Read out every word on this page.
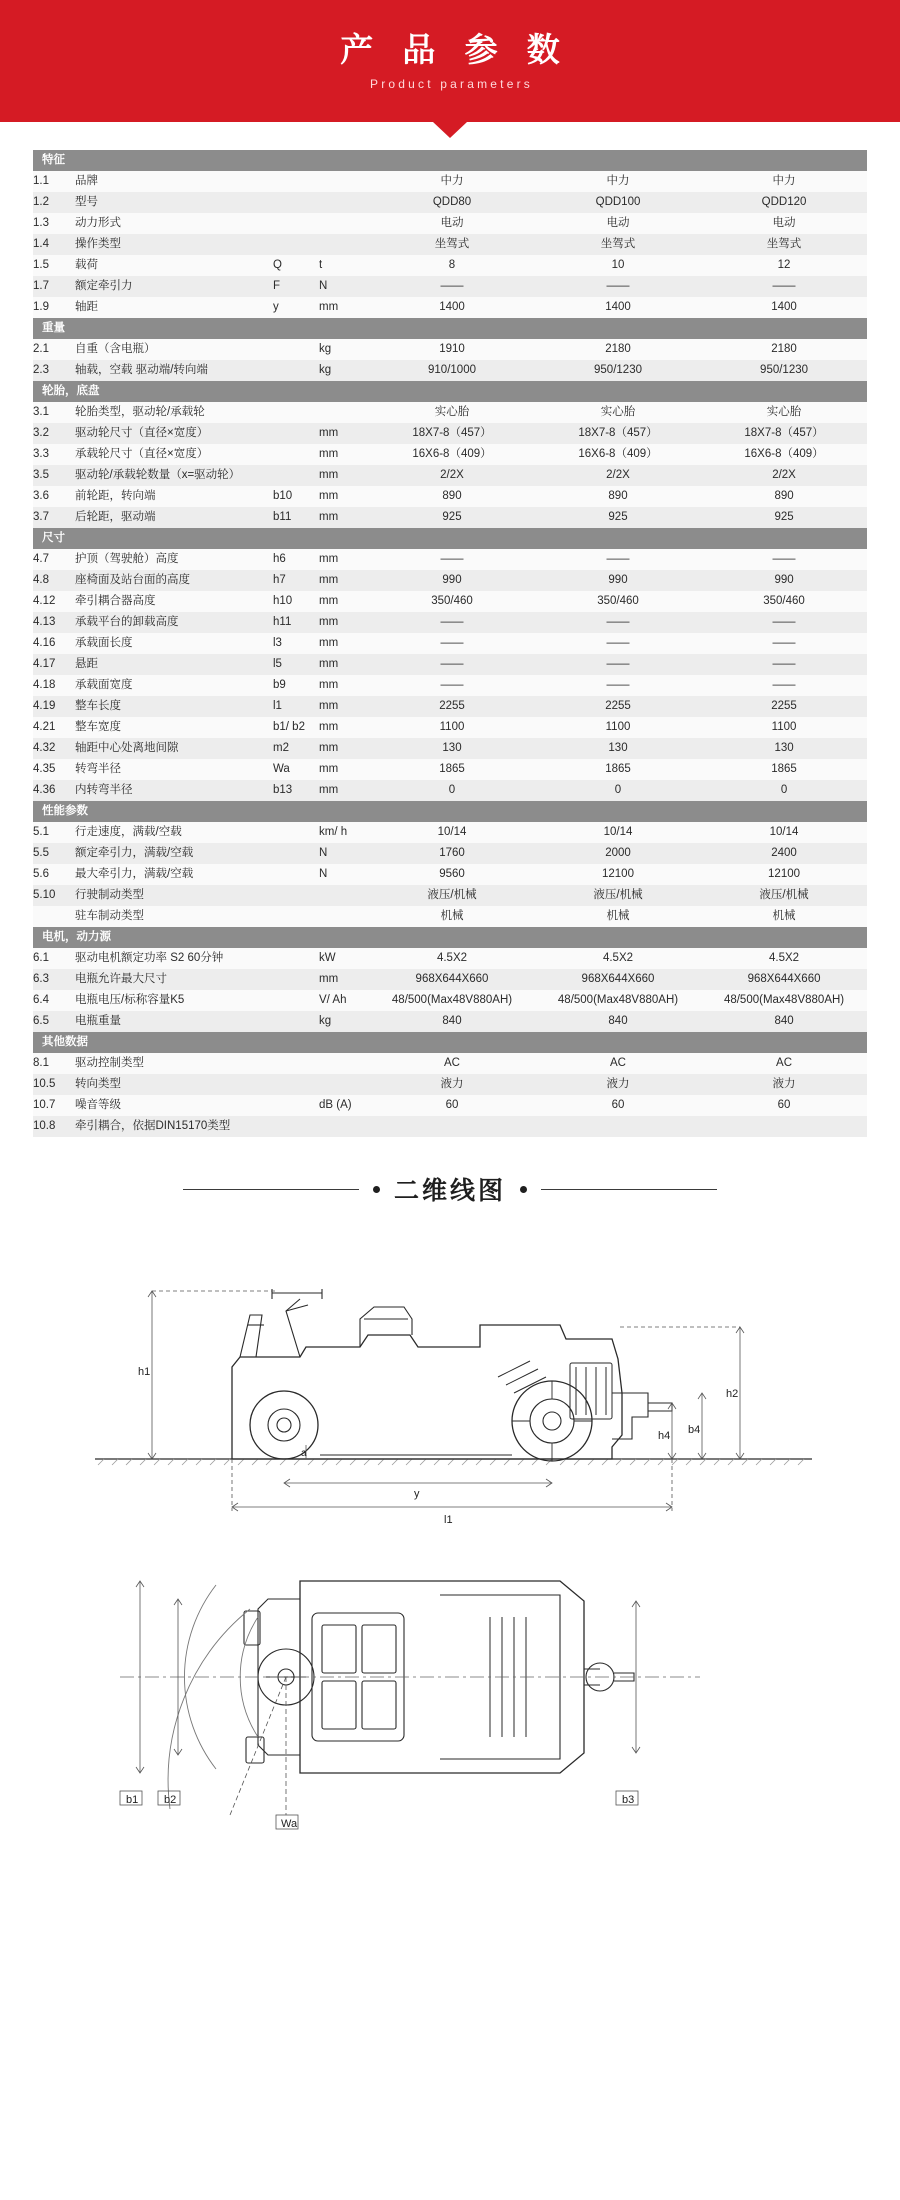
产 品 参 数
Product parameters
特征						
1.1	品牌			中力	中力	中力
1.2	型号			QDD80	QDD100	QDD120
1.3	动力形式			电动	电动	电动
1.4	操作类型			坐驾式	坐驾式	坐驾式
1.5	载荷	Q	t	8	10	12
1.7	额定牵引力	F	N	——	——	——
1.9	轴距	y	mm	1400	1400	1400
重量						
2.1	自重（含电瓶）		kg	1910	2180	2180
2.3	轴载，空载 驱动端/转向端		kg	910/1000	950/1230	950/1230
轮胎，底盘						
3.1	轮胎类型，驱动轮/承载轮			实心胎	实心胎	实心胎
3.2	驱动轮尺寸（直径×宽度）		mm	18X7-8（457）	18X7-8（457）	18X7-8（457）
3.3	承载轮尺寸（直径×宽度）		mm	16X6-8（409）	16X6-8（409）	16X6-8（409）
3.5	驱动轮/承载轮数量（x=驱动轮）		mm	2/2X	2/2X	2/2X
3.6	前轮距，转向端	b10	mm	890	890	890
3.7	后轮距，驱动端	b11	mm	925	925	925
尺寸						
4.7	护顶（驾驶舱）高度	h6	mm	——	——	——
4.8	座椅面及站台面的高度	h7	mm	990	990	990
4.12	牵引耦合器高度	h10	mm	350/460	350/460	350/460
4.13	承载平台的卸载高度	h11	mm	——	——	——
4.16	承载面长度	l3	mm	——	——	——
4.17	悬距	l5	mm	——	——	——
4.18	承载面宽度	b9	mm	——	——	——
4.19	整车长度	l1	mm	2255	2255	2255
4.21	整车宽度	b1/ b2	mm	1100	1100	1100
4.32	轴距中心处离地间隙	m2	mm	130	130	130
4.35	转弯半径	Wa	mm	1865	1865	1865
4.36	内转弯半径	b13	mm	0	0	0
性能参数						
5.1	行走速度，满载/空载		km/ h	10/14	10/14	10/14
5.5	额定牵引力，满载/空载		N	1760	2000	2400
5.6	最大牵引力，满载/空载		N	9560	12100	12100
5.10	行驶制动类型			液压/机械	液压/机械	液压/机械
	驻车制动类型			机械	机械	机械
电机，动力源						
6.1	驱动电机额定功率 S2 60分钟		kW	4.5X2	4.5X2	4.5X2
6.3	电瓶允许最大尺寸		mm	968X644X660	968X644X660	968X644X660
6.4	电瓶电压/标称容量K5		V/ Ah	48/500(Max48V880AH)	48/500(Max48V880AH)	48/500(Max48V880AH)
6.5	电瓶重量		kg	840	840	840
其他数据						
8.1	驱动控制类型			AC	AC	AC
10.5	转向类型			液力	液力	液力
10.7	噪音等级		dB (A)	60	60	60
10.8	牵引耦合，依据DIN15170类型					
二维线图
h1
h2
h4 b4
a
y
l1
b1 b2	b3
Wa
